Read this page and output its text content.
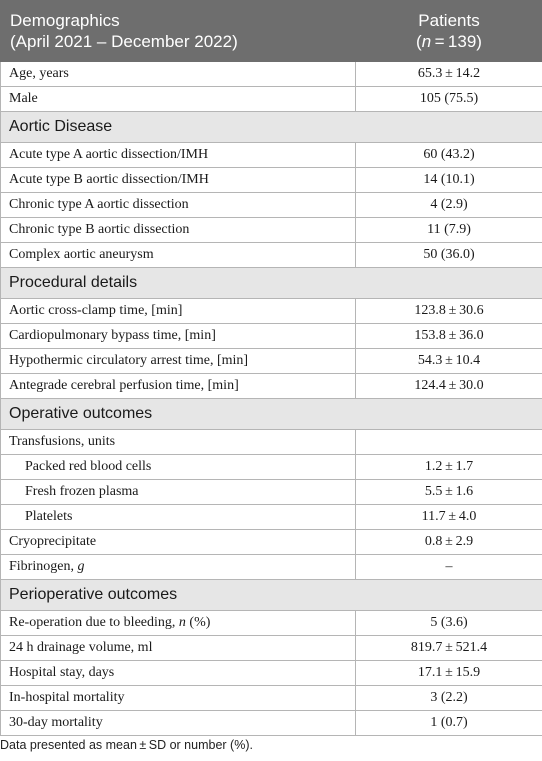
Demographics
(April 2021 – December 2022)	Patients
(n = 139)
Age, years	65.3 ± 14.2
Male	105 (75.5)
Aortic Disease	
Acute type A aortic dissection/IMH	60 (43.2)
Acute type B aortic dissection/IMH	14 (10.1)
Chronic type A aortic dissection	4 (2.9)
Chronic type B aortic dissection	11 (7.9)
Complex aortic aneurysm	50 (36.0)
Procedural details	
Aortic cross-clamp time, [min]	123.8 ± 30.6
Cardiopulmonary bypass time, [min]	153.8 ± 36.0
Hypothermic circulatory arrest time, [min]	54.3 ± 10.4
Antegrade cerebral perfusion time, [min]	124.4 ± 30.0
Operative outcomes	
Transfusions, units	
Packed red blood cells	1.2 ± 1.7
Fresh frozen plasma	5.5 ± 1.6
Platelets	11.7 ± 4.0
Cryoprecipitate	0.8 ± 2.9
Fibrinogen, g	–
Perioperative outcomes	
Re-operation due to bleeding, n (%)	5 (3.6)
24 h drainage volume, ml	819.7 ± 521.4
Hospital stay, days	17.1 ± 15.9
In-hospital mortality	3 (2.2)
30-day mortality	1 (0.7)
Data presented as mean ± SD or number (%).
